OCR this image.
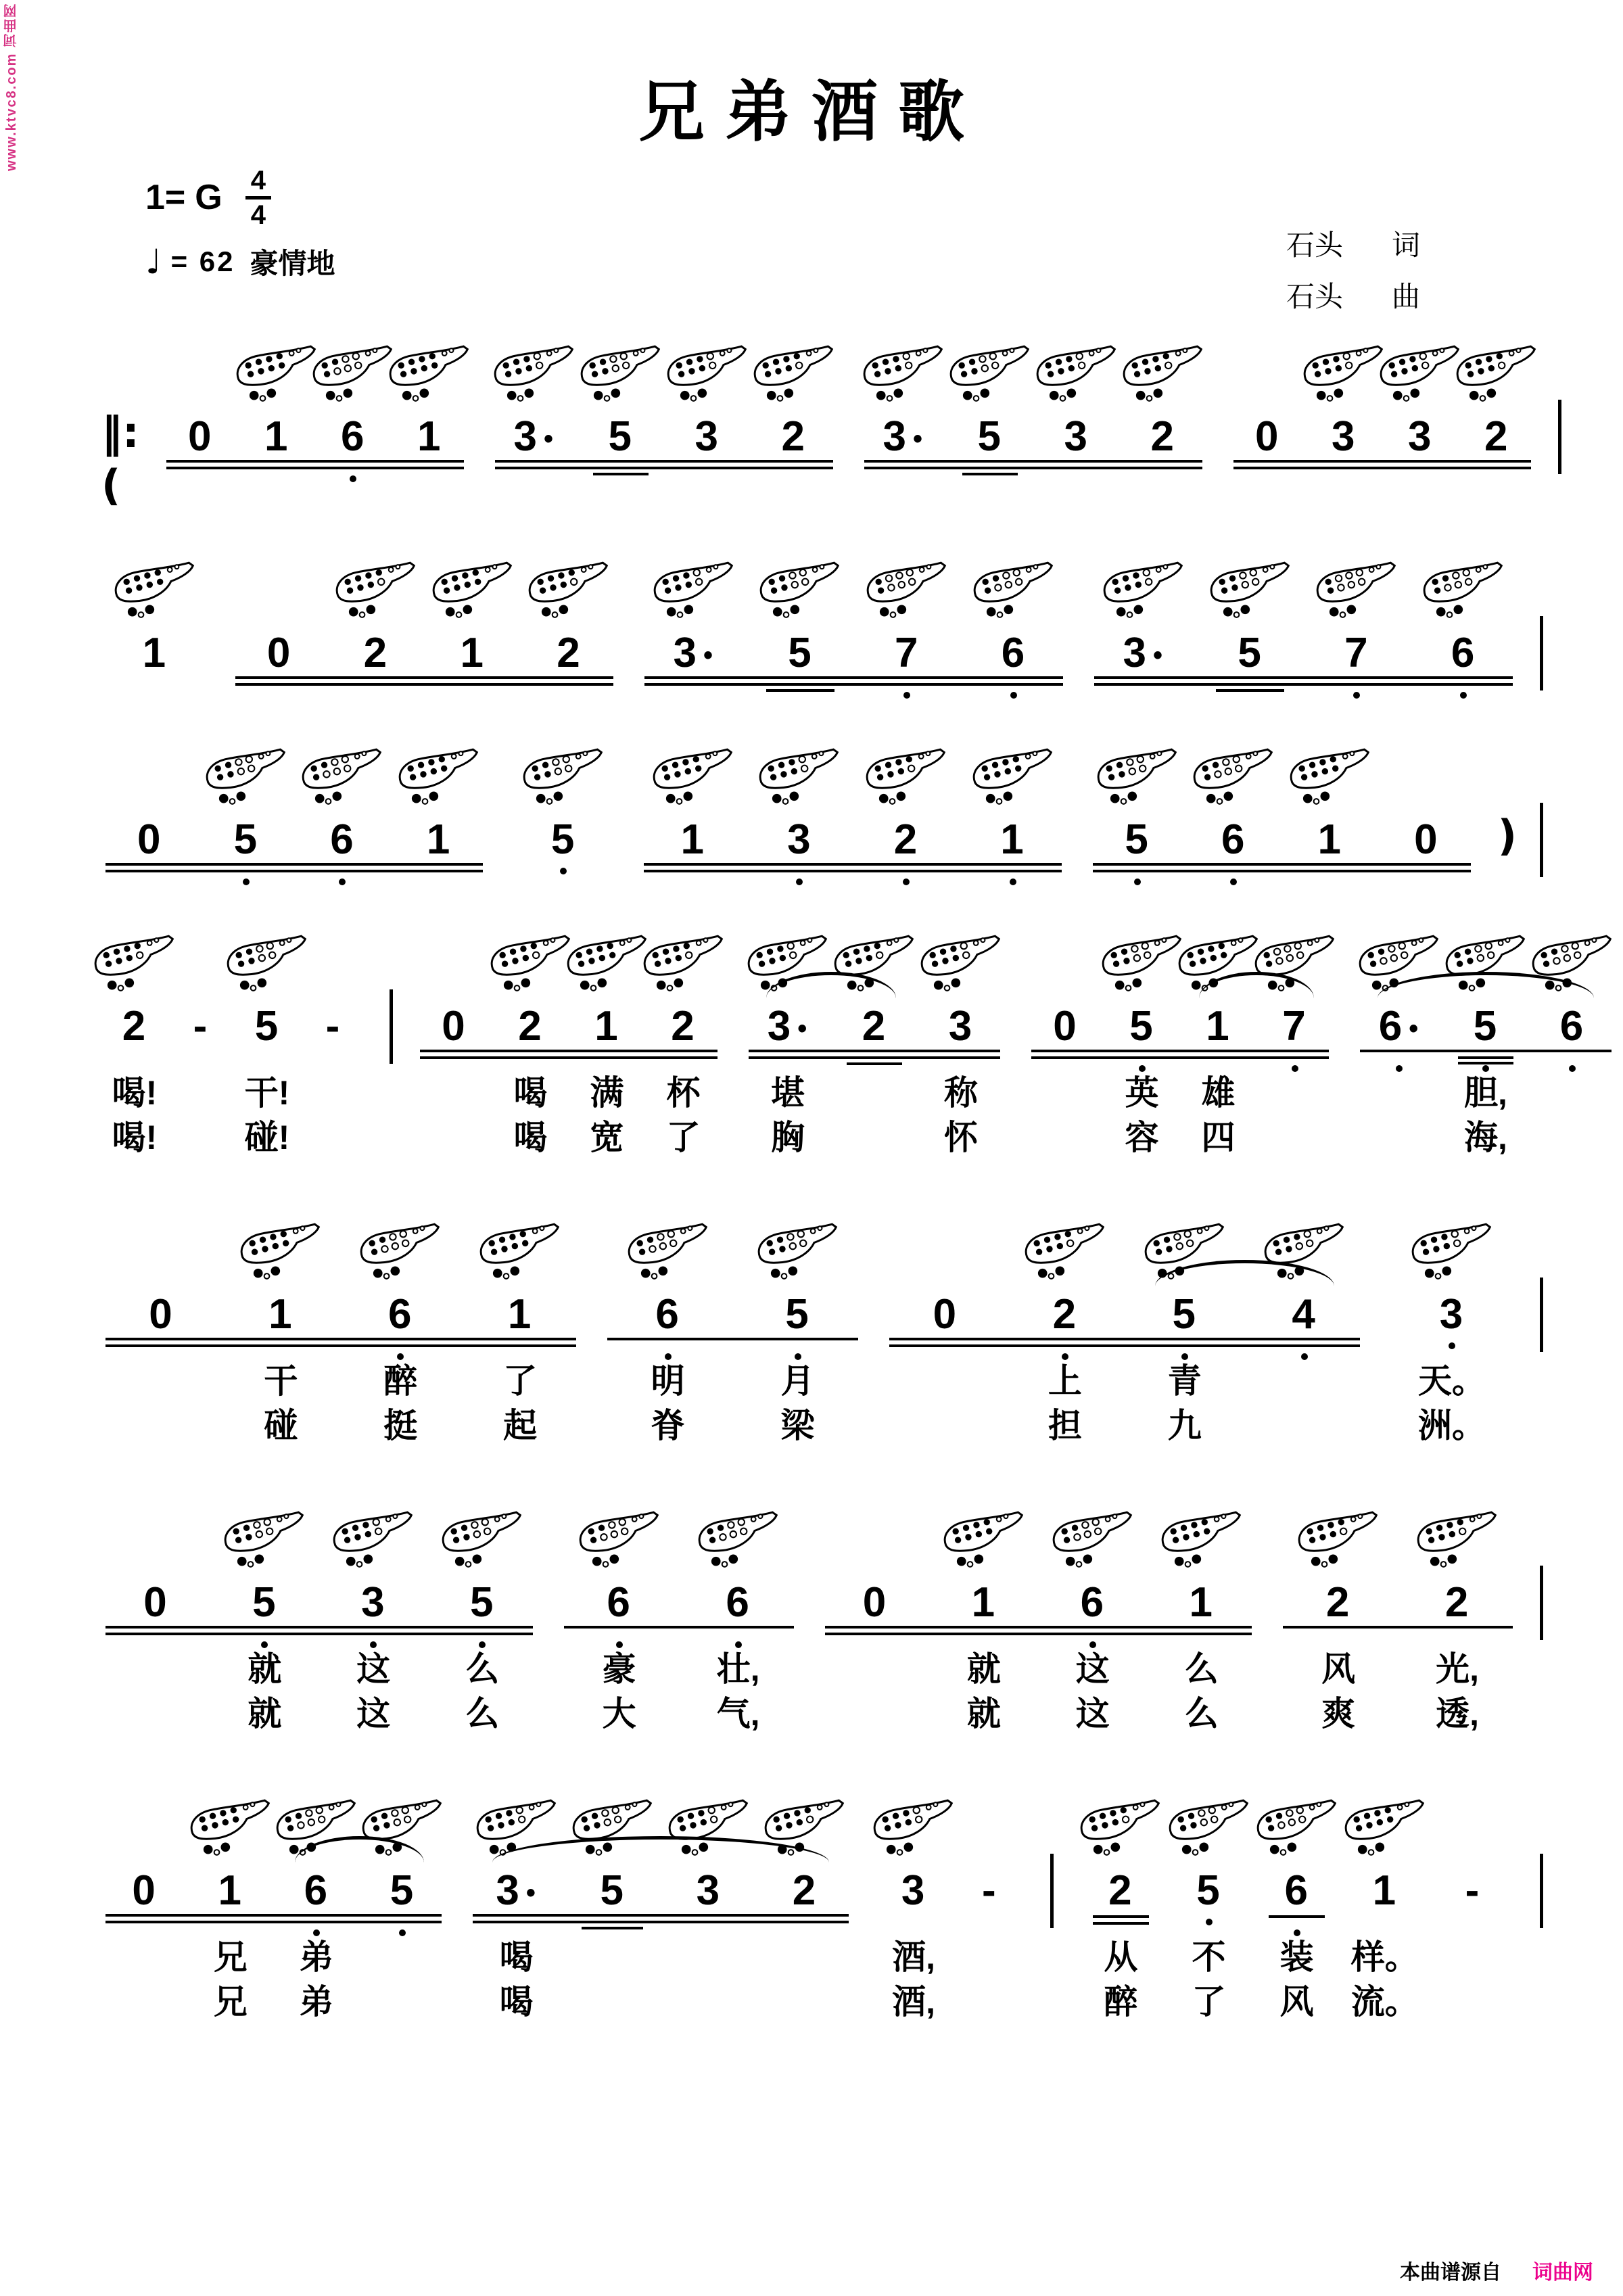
www.ktvc8.com 词曲网	兄弟酒歌
石头 词
石头 曲
1= G $\frac{4}{4}$
♩ = 62 豪情地
‖:(
0 1 6 1 3 • 5 3 2 3 • 5 3 2 0 3 3 2
1 0 2 1 2 3 • 5 7 6 3 • 5 7 6
0 5 6 1 5	1 3 2 1 5 6 1 0 )
2
喝!
喝!
- 5
干!
碰!
- 0 2
喝
喝
1
满
宽
2
杯
了
3 •
堪
胸
2 3
称
怀
0 5
英
容
1
雄
四
7 6 • 5
胆,
海,
6
0 1
干
碰
6
醉
挺
1
了
起
6
明
脊
5
月
梁
0 2
上
担
5
青
九
4	3
天。
洲。
0 5
就
就
3
这
这
5
么
么
6
豪
大
6
壮,
气,
0 1
就
就
6
这
这
1
么
么
2
风
爽
2
光,
透,
0 1
兄
兄
6
弟
弟
5 3 •
喝
喝
5 3 2 3
酒,
酒,
-	2
从
醉
5
不
了
6
装
风
1
样。
流。
-
本曲谱源自 词曲网
